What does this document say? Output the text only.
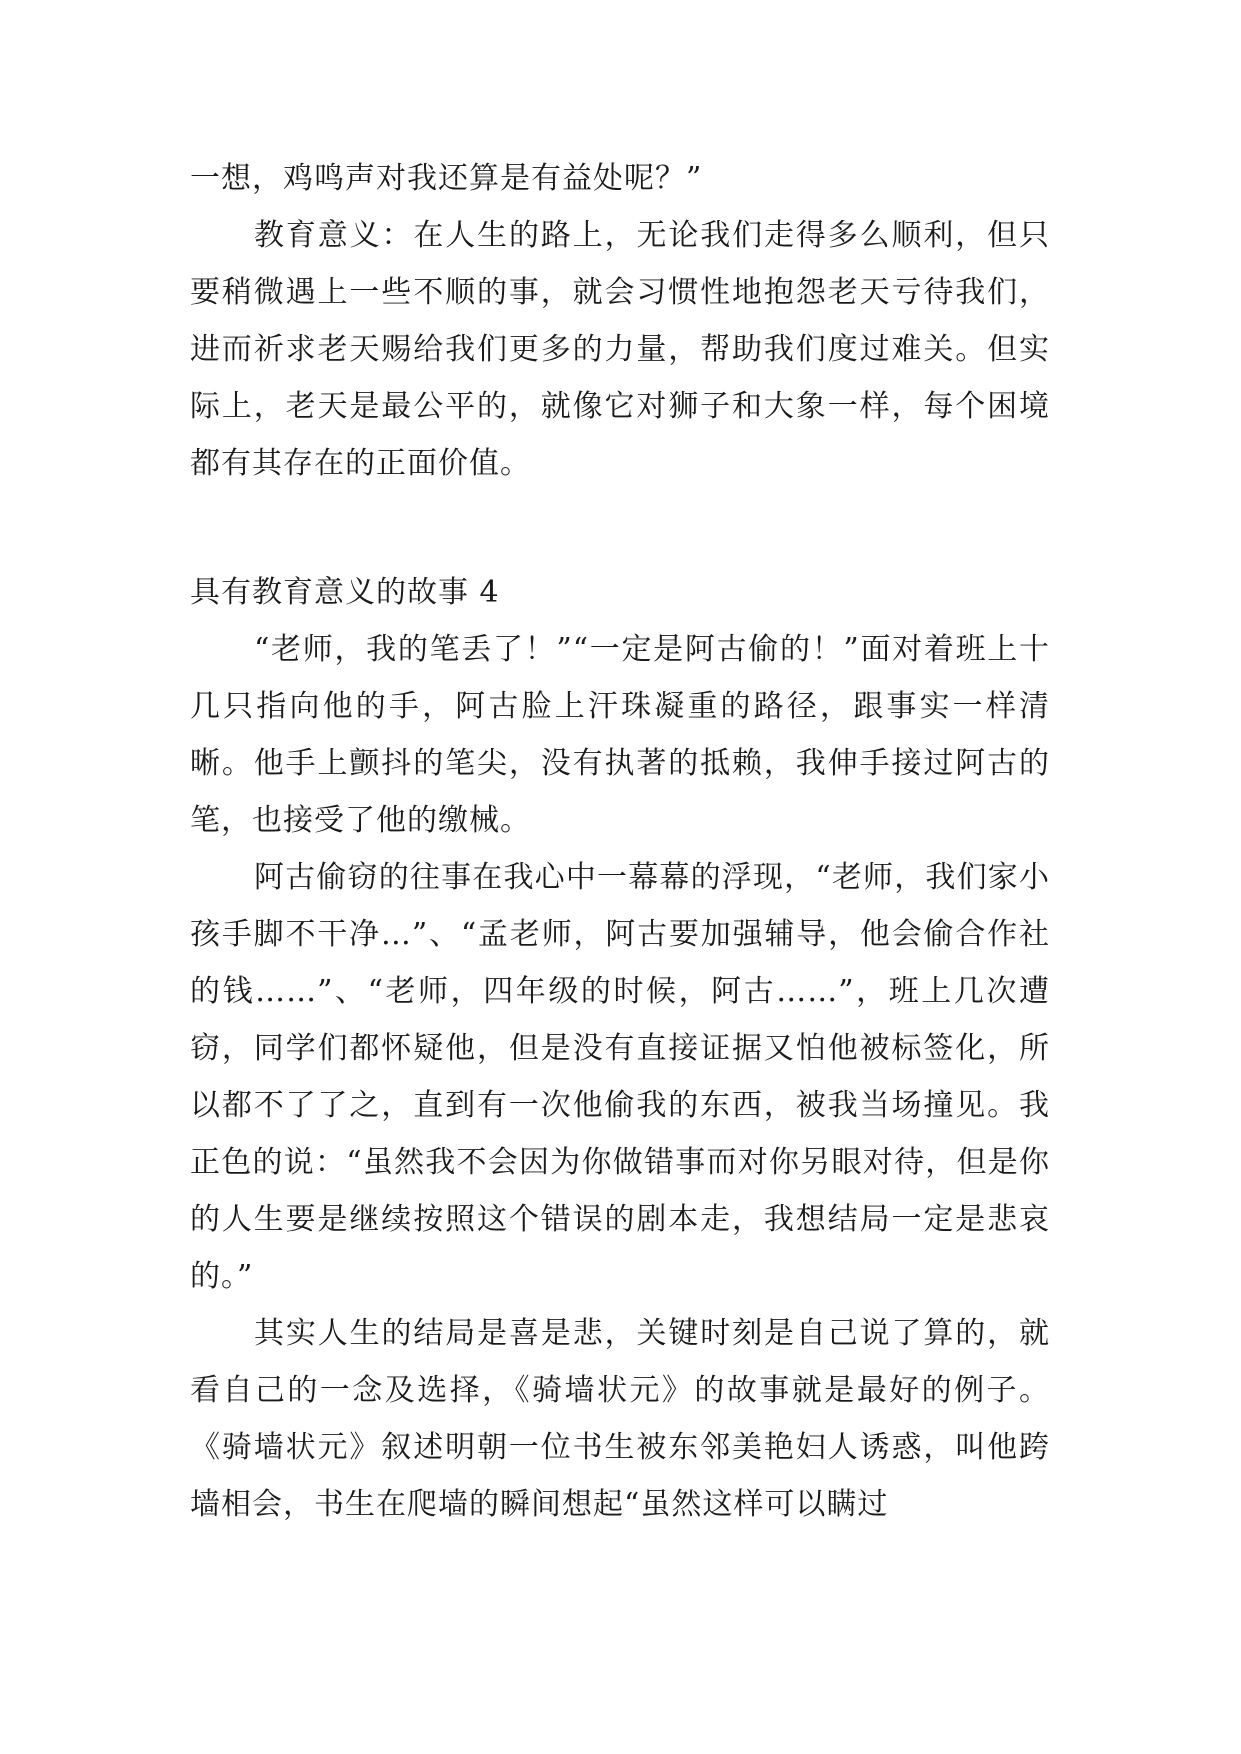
一想，鸡鸣声对我还算是有益处呢？”

教育意义：在人生的路上，无论我们走得多么顺利，但只要稍微遇上一些不顺的事，就会习惯性地抱怨老天亏待我们，进而祈求老天赐给我们更多的力量，帮助我们度过难关。但实际上，老天是最公平的，就像它对狮子和大象一样，每个困境都有其存在的正面价值。

具有教育意义的故事 4

“老师，我的笔丢了！”“一定是阿古偷的！”面对着班上十几只指向他的手，阿古脸上汗珠凝重的路径，跟事实一样清晰。他手上颤抖的笔尖，没有执著的抵赖，我伸手接过阿古的笔，也接受了他的缴械。

阿古偷窃的往事在我心中一幕幕的浮现，“老师，我们家小孩手脚不干净…”、“孟老师，阿古要加强辅导，他会偷合作社的钱……”、“老师，四年级的时候，阿古……”，班上几次遭窃，同学们都怀疑他，但是没有直接证据又怕他被标签化，所以都不了了之，直到有一次他偷我的东西，被我当场撞见。我正色的说：“虽然我不会因为你做错事而对你另眼对待，但是你的人生要是继续按照这个错误的剧本走，我想结局一定是悲哀的。”

其实人生的结局是喜是悲，关键时刻是自己说了算的，就看自己的一念及选择，《骑墙状元》的故事就是最好的例子。《骑墙状元》叙述明朝一位书生被东邻美艳妇人诱惑，叫他跨墙相会，书生在爬墙的瞬间想起“虽然这样可以瞒过
